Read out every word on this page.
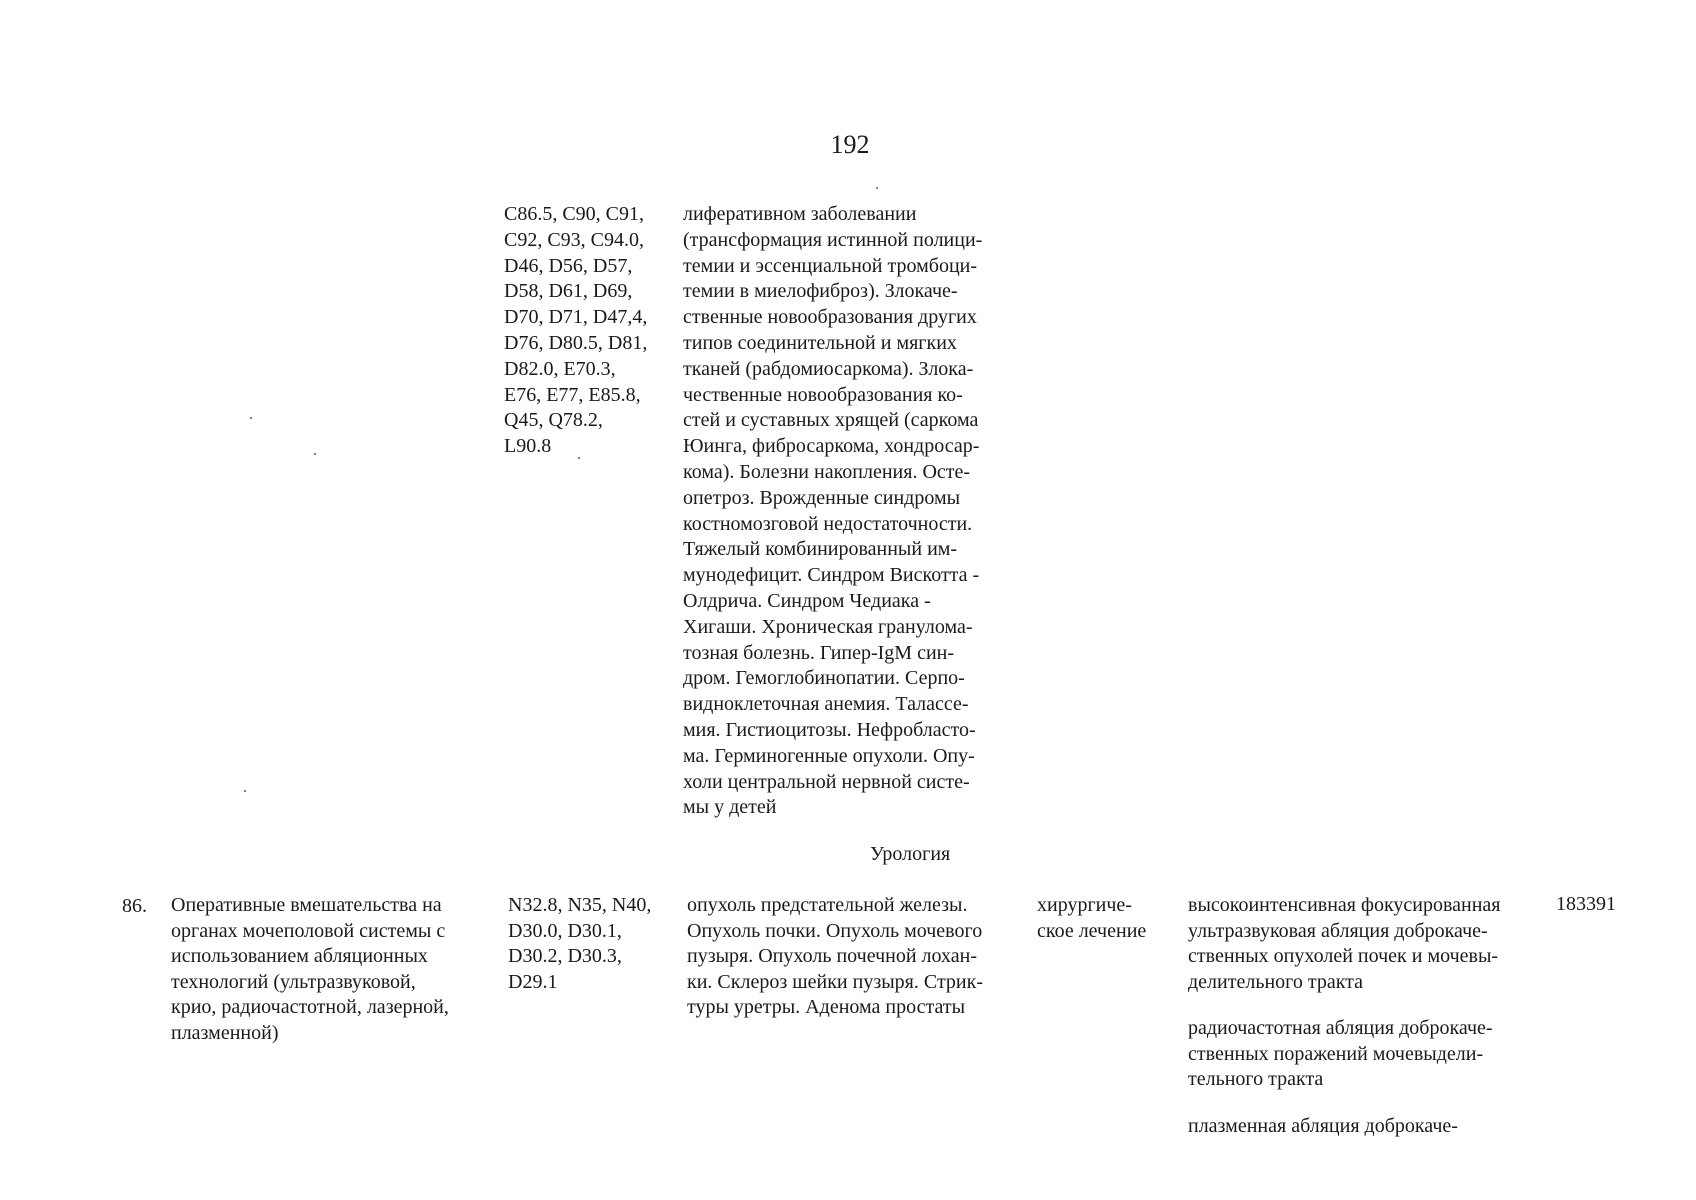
192
C86.5, C90, C91,
C92, C93, C94.0,
D46, D56, D57,
D58, D61, D69,
D70, D71, D47,4,
D76, D80.5, D81,
D82.0, E70.3,
E76, E77, E85.8,
Q45, Q78.2,
L90.8
лиферативном заболевании
(трансформация истинной полици-
темии и эссенциальной тромбоци-
темии в миелофиброз). Злокаче-
ственные новообразования других
типов соединительной и мягких
тканей (рабдомиосаркома). Злока-
чественные новообразования ко-
стей и суставных хрящей (саркома
Юинга, фибросаркома, хондросар-
кома). Болезни накопления. Осте-
опетроз. Врожденные синдромы
костномозговой недостаточности.
Тяжелый комбинированный им-
мунодефицит. Синдром Вискотта -
Олдрича. Синдром Чедиака -
Хигаши. Хроническая гранулома-
тозная болезнь. Гипер-IgM син-
дром. Гемоглобинопатии. Серпо-
видноклеточная анемия. Талассе-
мия. Гистиоцитозы. Нефробласто-
ма. Герминогенные опухоли. Опу-
холи центральной нервной систе-
мы у детей
Урология
86. Оперативные вмешательства на
органах мочеполовой системы с
использованием абляционных
технологий (ультразвуковой,
крио, радиочастотной, лазерной,
плазменной)
N32.8, N35, N40,
D30.0, D30.1,
D30.2, D30.3,
D29.1
опухоль предстательной железы.
Опухоль почки. Опухоль мочевого
пузыря. Опухоль почечной лохан-
ки. Склероз шейки пузыря. Стрик-
туры уретры. Аденома простаты
хирургиче-
ское лечение
высокоинтенсивная фокусированная
ультразвуковая абляция доброкаче-
ственных опухолей почек и мочевы-
делительного тракта
радиочастотная абляция доброкаче-
ственных поражений мочевыдели-
тельного тракта
плазменная абляция доброкаче-
183391
